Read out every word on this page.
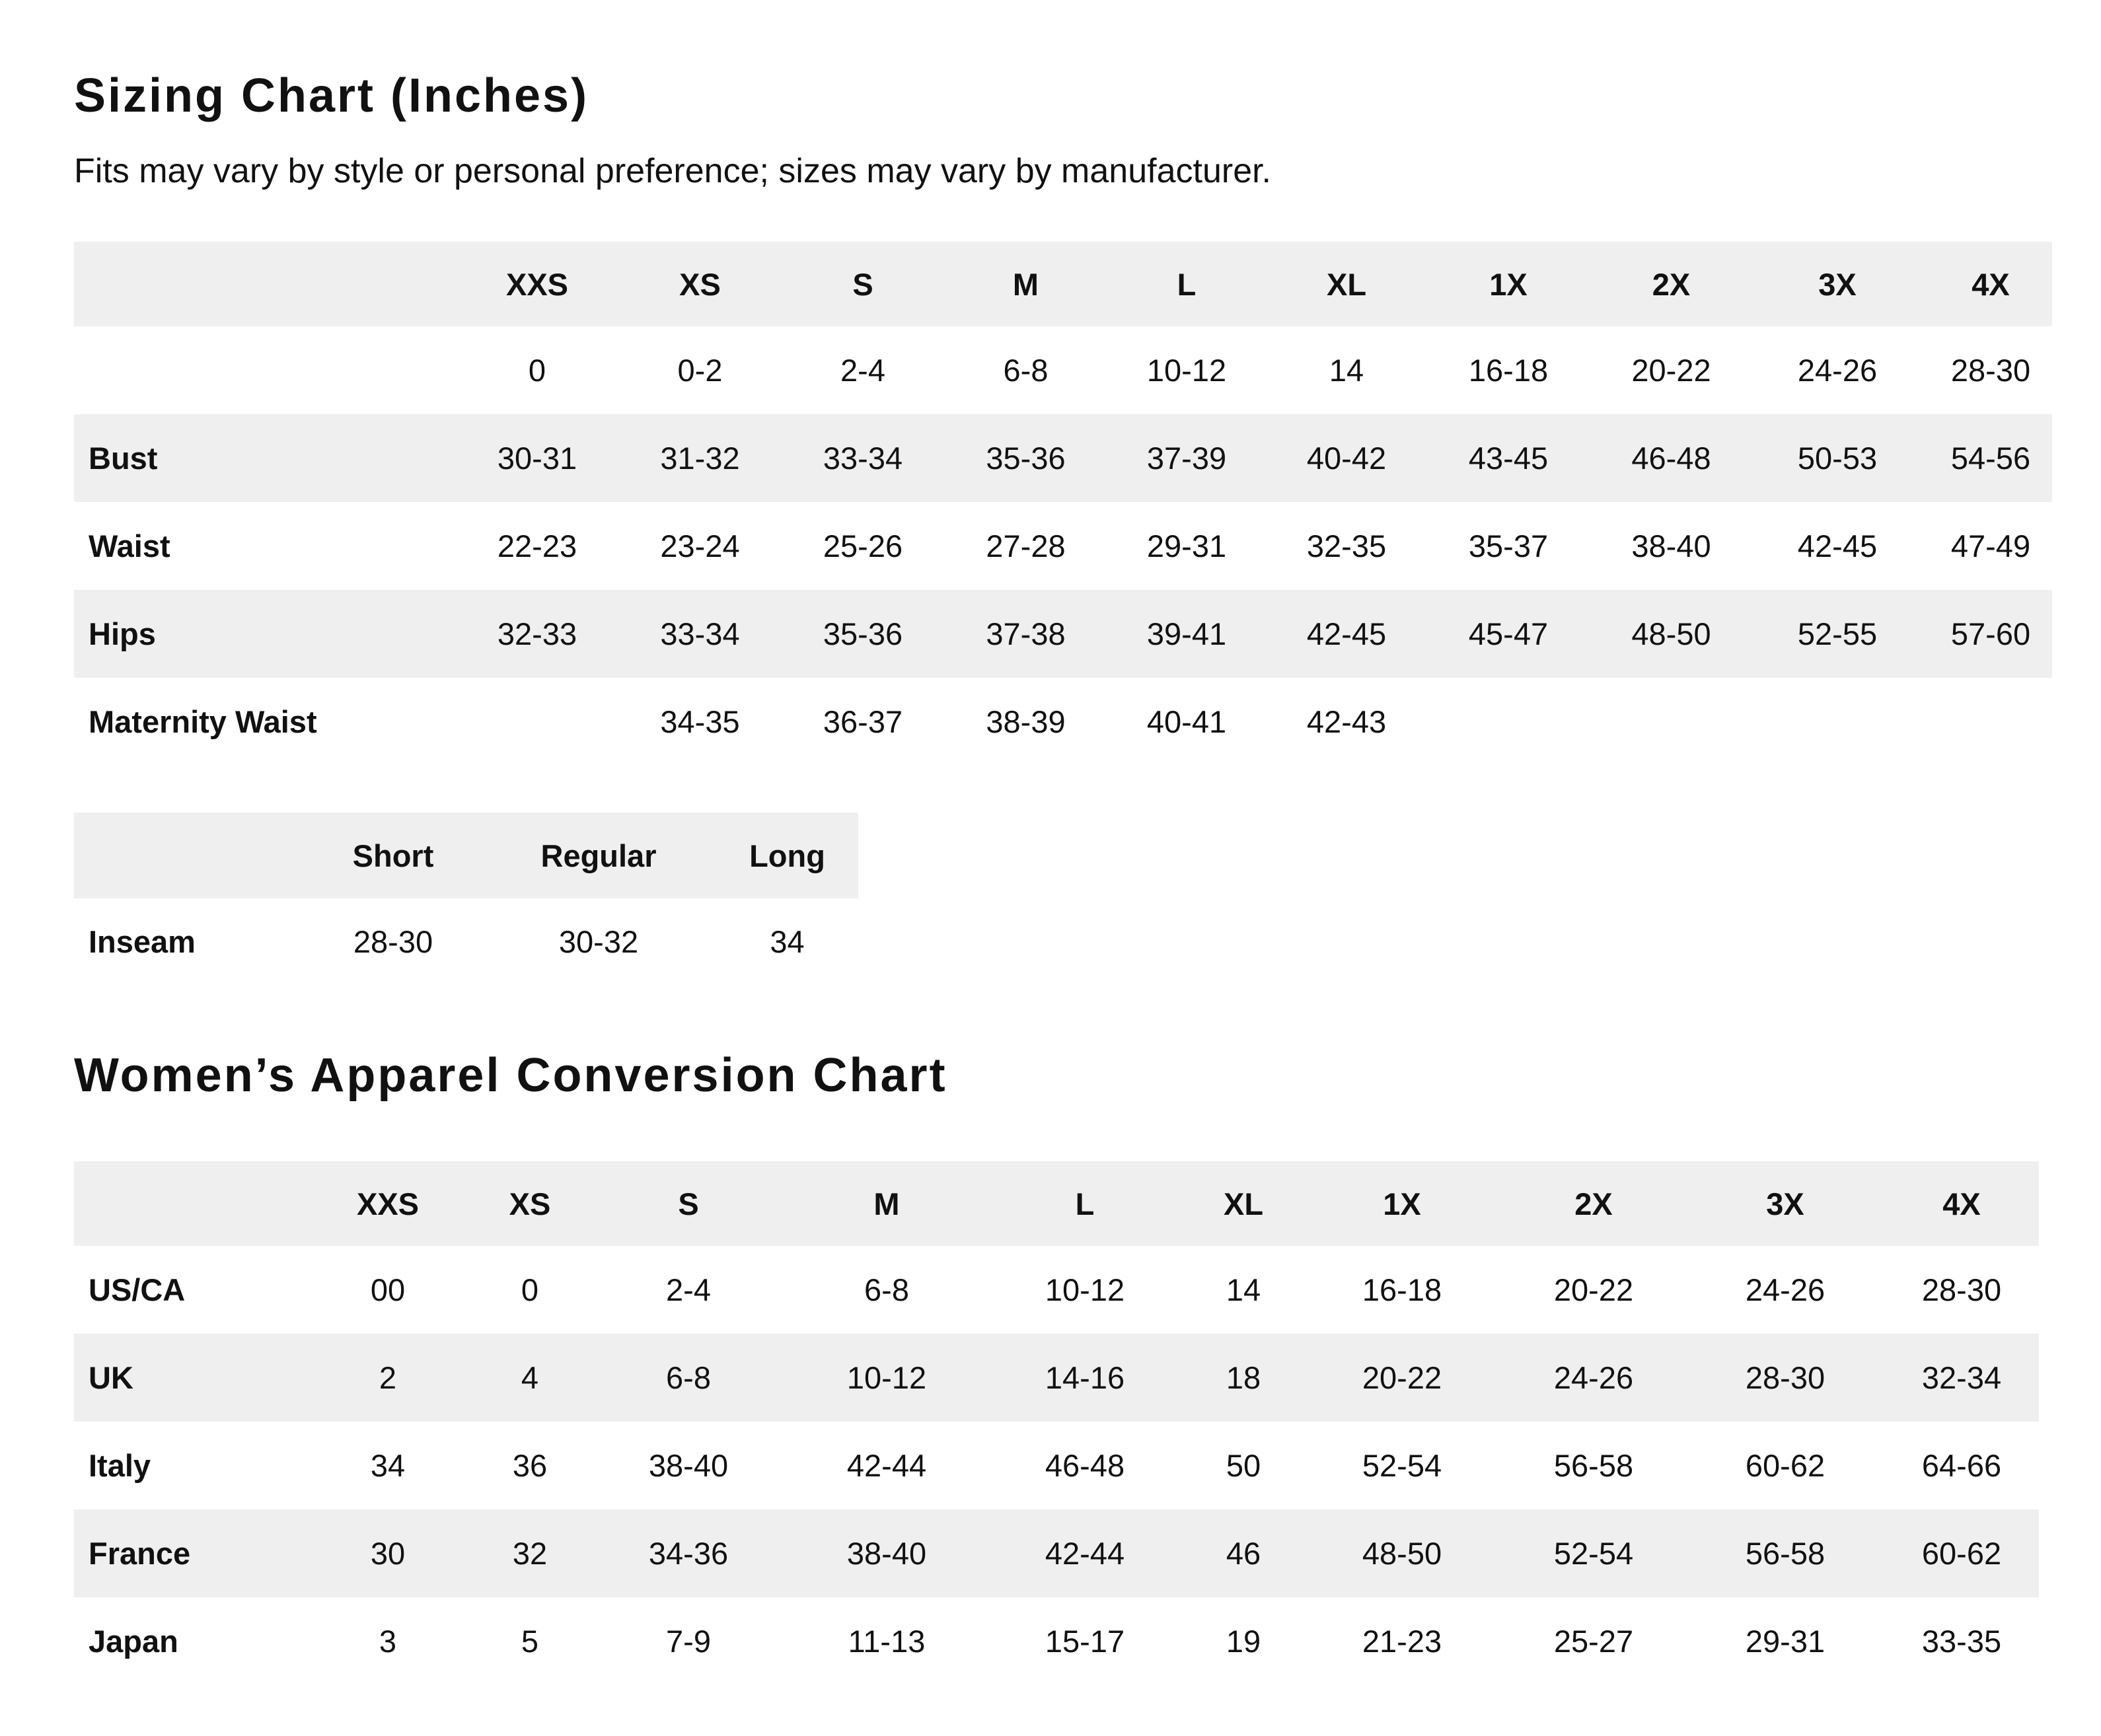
Sizing Chart (Inches)

Fits may vary by style or personal preference; sizes may vary by manufacturer.

	XXS	XS	S	M	L	XL	1X	2X	3X	4X
	0	0-2	2-4	6-8	10-12	14	16-18	20-22	24-26	28-30
Bust	30-31	31-32	33-34	35-36	37-39	40-42	43-45	46-48	50-53	54-56
Waist	22-23	23-24	25-26	27-28	29-31	32-35	35-37	38-40	42-45	47-49
Hips	32-33	33-34	35-36	37-38	39-41	42-45	45-47	48-50	52-55	57-60
Maternity Waist		34-35	36-37	38-39	40-41	42-43				
	Short	Regular	Long
Inseam	28-30	30-32	34
Women’s Apparel Conversion Chart
	XXS	XS	S	M	L	XL	1X	2X	3X	4X
US/CA	00	0	2-4	6-8	10-12	14	16-18	20-22	24-26	28-30
UK	2	4	6-8	10-12	14-16	18	20-22	24-26	28-30	32-34
Italy	34	36	38-40	42-44	46-48	50	52-54	56-58	60-62	64-66
France	30	32	34-36	38-40	42-44	46	48-50	52-54	56-58	60-62
Japan	3	5	7-9	11-13	15-17	19	21-23	25-27	29-31	33-35
